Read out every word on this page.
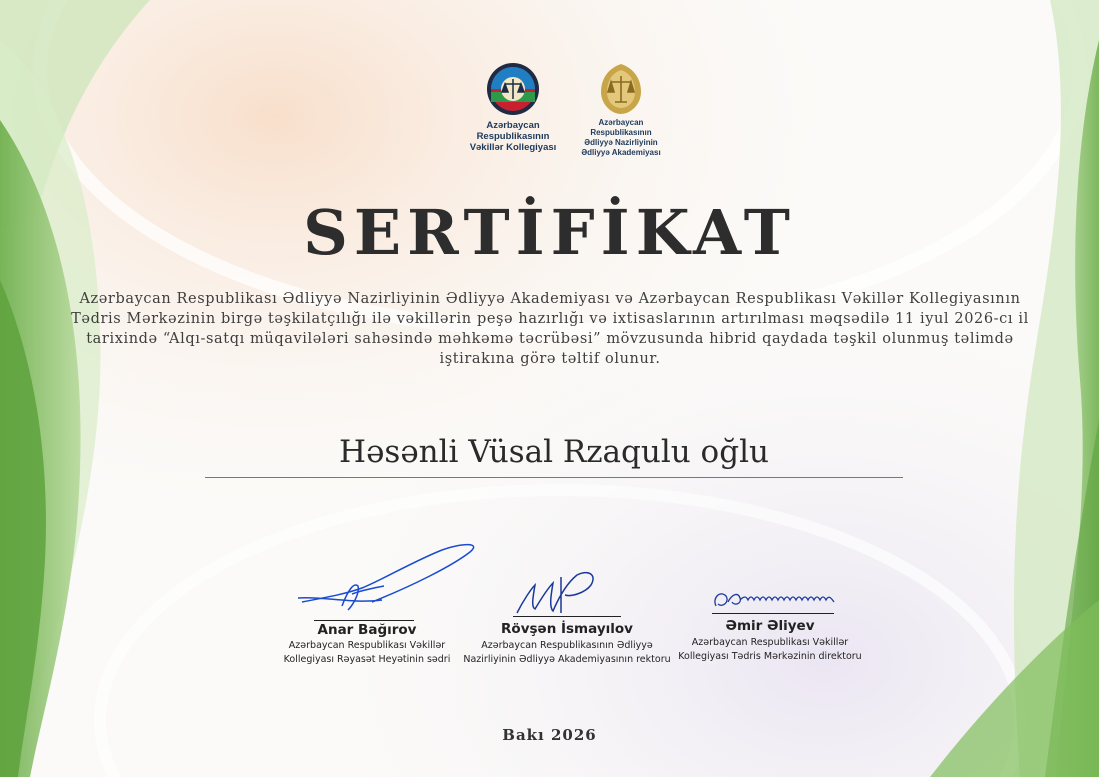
Azərbaycan
Respublikasının
Vəkillər Kollegiyası
Azərbaycan
Respublikasının
Ədliyyə Nazirliyinin
Ədliyyə Akademiyası
SERTİFİKAT

Azərbaycan Respublikası Ədliyyə Nazirliyinin Ədliyyə Akademiyası və Azərbaycan Respublikası Vəkillər Kollegiyasının Tədris Mərkəzinin birgə təşkilatçılığı ilə vəkillərin peşə hazırlığı və ixtisaslarının artırılması məqsədilə 11 iyul 2026-cı il tarixində “Alqı-satqı müqavilələri sahəsində məhkəmə təcrübəsi” mövzusunda hibrid qaydada təşkil olunmuş təlimdə iştirakına görə təltif olunur.

Həsənli Vüsal Rzaqulu oğlu
Anar Bağırov
Azərbaycan Respublikası Vəkillər
Kollegiyası Rəyasət Heyətinin sədri
Rövşən İsmayılov
Azərbaycan Respublikasının Ədliyyə
Nazirliyinin Ədliyyə Akademiyasının rektoru
Əmir Əliyev
Azərbaycan Respublikası Vəkillər
Kollegiyası Tədris Mərkəzinin direktoru
Bakı 2026
